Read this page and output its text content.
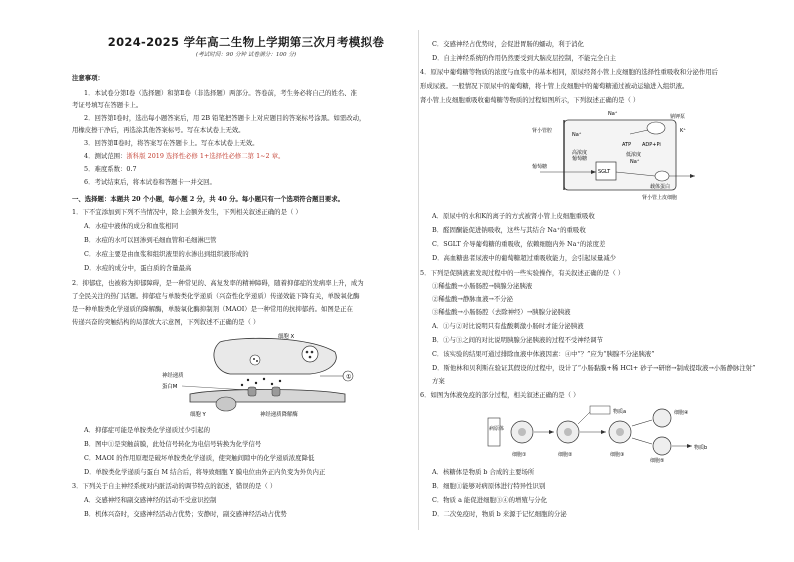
2024-2025 学年高二生物上学期第三次月考模拟卷
(考试时间：90 分钟 试卷满分：100 分)
注意事项：
1．本试卷分第Ⅰ卷（选择题）和第Ⅱ卷（非选择题）两部分。答卷前，考生务必将自己的姓名、准
考证号填写在答题卡上。
2．回答第Ⅰ卷时，选出每小题答案后，用 2B 铅笔把答题卡上对应题目的答案标号涂黑。如需改动，
用橡皮擦干净后，再选涂其他答案标号。写在本试卷上无效。
3．回答第Ⅱ卷时，将答案写在答题卡上。写在本试卷上无效。
4．测试范围：浙科版 2019 选择性必修 1+选择性必修二第 1~2 章。
5．难度系数：0.7
6．考试结束后，将本试卷和答题卡一并交回。
一、选择题：本题共 20 个小题，每小题 2 分，共 40 分。每小题只有一个选项符合题目要求。
1．下不宜添加到下列不当情况中，除上会额外发生，下列相关叙述正确的是（ ）
A．水痘中液体的成分和血浆相同
B．水痘的水可以回渗到毛细血管和毛细淋巴管
C．水痘主要是由血浆和组织液里的水渗出到组织液形成的
D．水痘的成分中，蛋白质的含量最高
2．抑郁症，也被称为抑郁障碍，是一种常见的、高复发率的精神障碍，随着抑郁症的发病率上升，成为
了全民关注的热门话题。抑郁症与单胺类化学递质（兴奋性化学递质）传递效能下降有关，单胺氧化酶
是一种单胺类化学递质的降解酶，单胺氧化酶抑制剂（MAOI）是一种常用的抗抑郁药。如图是正在
传递兴奋的突触结构的局部放大示意图，下列叙述不正确的是（ ）
①
细胞 X
神经递质
蛋白M
细胞 Y	神经递质降解酶
A．抑郁症可能是单胺类化学递质过少引起的
B．图中①是突触前膜，此处信号转化为电信号转换为化学信号
C．MAOI 的作用原理是破坏单胺类化学递质，使突触间隙中的化学递质浓度降低
D．单胺类化学递质与蛋白 M 结合后，将导致细胞 Y 膜电位由外正内负变为外负内正
3．下列关于自主神经系统对内脏活动的调节特点的叙述，错误的是（ ）
A．交感神经和副交感神经的活动不受意识控制
B．机体兴奋时，交感神经活动占优势；安静时，副交感神经活动占优势
C．交感神经占优势时，会促进胃肠的蠕动，利于消化
D．自主神经系统的作用仍然要受到大脑皮层控制，不能完全自主
4．原尿中葡萄糖等物质的浓度与血浆中的基本相同，原尿经肾小管上皮细胞的选择性重吸收和分泌作用后
形成尿液。一般情况下原尿中的葡萄糖，将十管上皮细胞中的葡萄糖通过被动运输进入组织液。
肾小管上皮细胞重吸收葡萄糖等物质的过程如图所示，下列叙述正确的是（ ）
肾小管腔
Na⁺
Na⁺	钠钾泵
K⁺
ATP ADP+Pi
低浓度
Na⁺
高浓度
葡萄糖
SGLT
载体蛋白
葡萄糖
肾小管上皮细胞
A．原尿中的水和K的离子的方式被肾小管上皮细胞重吸收
B．醛固酮能促进钠吸收，这些与其结合 Na⁺的重吸收
C．SGLT 介导葡萄糖的重吸收，依赖细胞内外 Na⁺的浓度差
D．高血糖患者尿液中的葡萄糖超过重吸收能力，会引起尿量减少
5．下列是促胰液素发现过程中的一些实验操作，有关叙述正确的是（ ）
①稀盐酸→小肠肠腔→胰腺分泌胰液
②稀盐酸→静脉血液→不分泌
③稀盐酸→小肠肠腔（去除神经）→胰腺分泌胰液
A．①与②对比说明只有盐酸刺激小肠时才能分泌胰液
B．①与③之间的对比说明胰腺分泌胰液的过程不受神经调节
C．该实验的结果可通过排除血液中体液因素：④中“？”应为“胰腺不分泌胰液”
D．斯他林和贝利斯在验证其假设的过程中，设计了“小肠黏膜+稀 HCl+ 砂子→研磨→制成提取液→小肠静脉注射”
方案
6．如图为体液免疫的部分过程，相关叙述正确的是（ ）
病原体
细胞①	细胞②
物质a
细胞③
细胞④
细胞⑤
物质b
A．核糖体是物质 b 合成的主要场所
B．细胞①能够对病原体进行特异性识别
C．物质 a 能促进细胞③④的增殖与分化
D．二次免疫时，物质 b 来源于记忆细胞的分泌
